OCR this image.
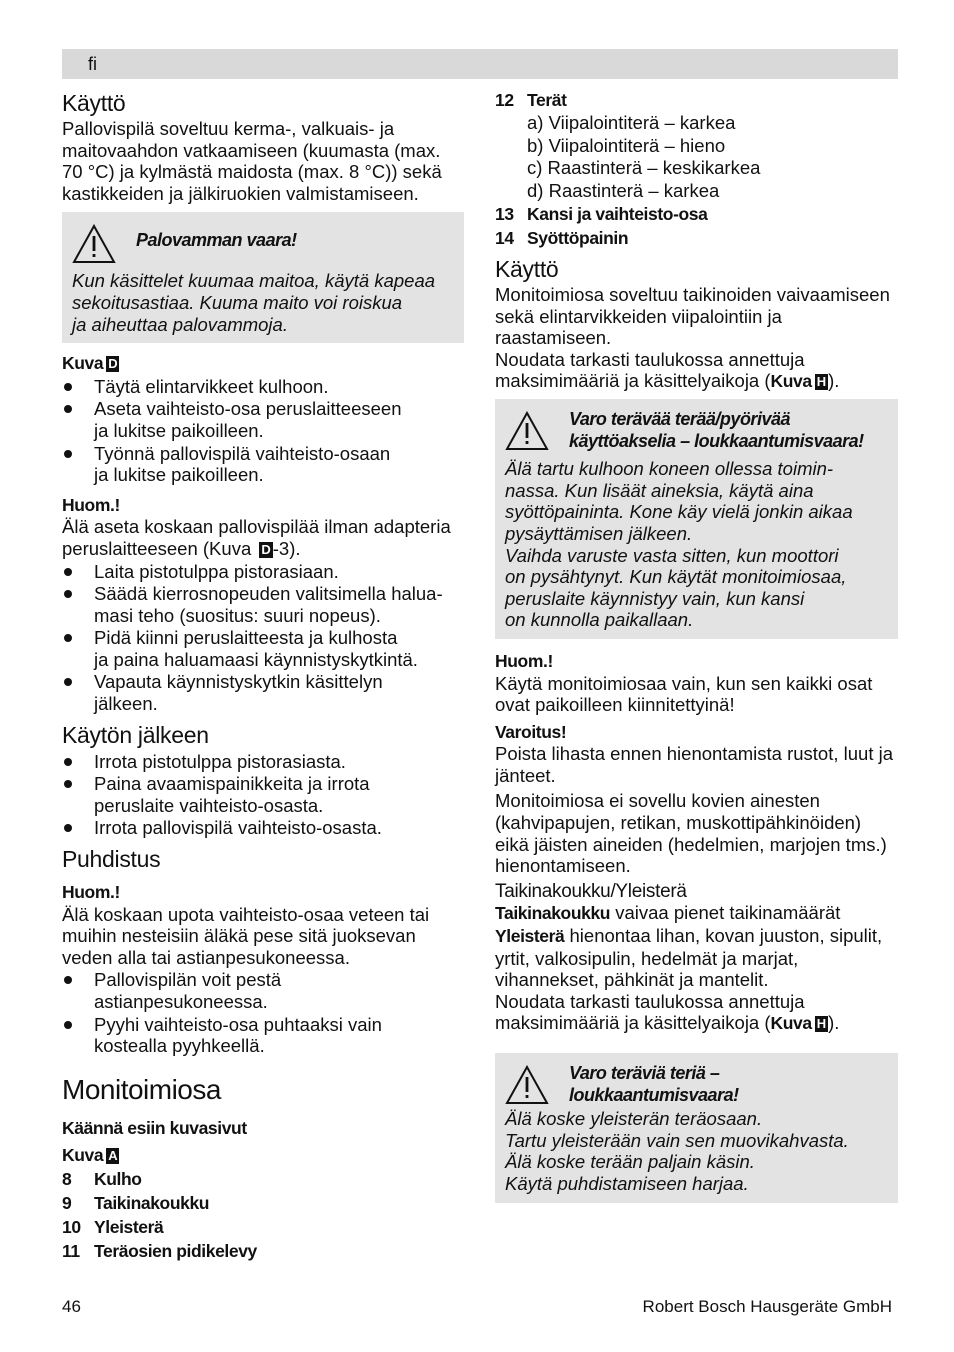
fi
Käyttö

Pallovispilä soveltuu kerma-, valkuais- ja maitovaahdon vatkaamiseen (kuumasta (max. 70 °C) ja kylmästä maidosta (max. 8 °C)) sekä kastikkeiden ja jälkiruokien valmistamiseen.

Palovamman vaara!
Kun käsittelet kuumaa maitoa, käytä kapeaa
sekoitusastiaa. Kuuma maito voi roiskua
ja aiheuttaa palovammoja.

Kuva D

Täytä elintarvikkeet kulhoon.
Aseta vaihteisto-osa peruslaitteeseen
ja lukitse paikoilleen.
Työnnä pallovispilä vaihteisto-osaan
ja lukitse paikoilleen.

Huom.!

Älä aseta koskaan pallovispilää ilman adapteria peruslaitteeseen (Kuva D -3).

Laita pistotulppa pistorasiaan.
Säädä kierrosnopeuden valitsimella halua-
masi teho (suositus: suuri nopeus).
Pidä kiinni peruslaitteesta ja kulhosta
ja paina haluamaasi käynnistyskytkintä.
Vapauta käynnistyskytkin käsittelyn
jälkeen.
Käytön jälkeen
Irrota pistotulppa pistorasiasta.
Paina avaamispainikkeita ja irrota
peruslaite vaihteisto-osasta.
Irrota pallovispilä vaihteisto-osasta.
Puhdistus

Huom.!

Älä koskaan upota vaihteisto-osaa veteen tai muihin nesteisiin äläkä pese sitä juoksevan veden alla tai astianpesukoneessa.

Pallovispilän voit pestä
astianpesukoneessa.
Pyyhi vaihteisto-osa puhtaaksi vain
kostealla pyyhkeellä.
Monitoimiosa

Käännä esiin kuvasivut

Kuva A

8	Kulho
9	Taikinakoukku
10 Yleisterä
11 Teräosien pidikelevy
12 Terät
a) Viipalointiterä – karkea
b) Viipalointiterä – hieno
c) Raastinterä – keskikarkea
d) Raastinterä – karkea
13 Kansi ja vaihteisto-osa
14 Syöttöpainin
Käyttö

Monitoimiosa soveltuu taikinoiden vaivaamiseen sekä elintarvikkeiden viipalointiin ja raastamiseen.

Noudata tarkasti taulukossa annettuja maksimimääriä ja käsittelyaikoja (Kuva H ).

Varo terävää terää/pyörivää
käyttöakselia – loukkaantumisvaara!
Älä tartu kulhoon koneen ollessa toimin-
nassa. Kun lisäät aineksia, käytä aina
syöttöpaininta. Kone käy vielä jonkin aikaa
pysäyttämisen jälkeen.
Vaihda varuste vasta sitten, kun moottori
on pysähtynyt. Kun käytät monitoimiosaa,
peruslaite käynnistyy vain, kun kansi
on kunnolla paikallaan.

Huom.!

Käytä monitoimiosaa vain, kun sen kaikki osat ovat paikoilleen kiinnitettyinä!

Varoitus!

Poista lihasta ennen hienontamista rustot, luut ja jänteet.

Monitoimiosa ei sovellu kovien ainesten (kahvipapujen, retikan, muskottipähkinöiden) eikä jäisten aineiden (hedelmien, marjojen tms.) hienontamiseen.

Taikinakoukku/Yleisterä

Taikinakoukku vaivaa pienet taikinamäärät

Yleisterä hienontaa lihan, kovan juuston, sipulit, yrtit, valkosipulin, hedelmät ja marjat, vihannekset, pähkinät ja mantelit.

Noudata tarkasti taulukossa annettuja maksimimääriä ja käsittelyaikoja (Kuva H ).

Varo teräviä teriä –
loukkaantumisvaara!
Älä koske yleisterän teräosaan.
Tartu yleisterään vain sen muovikahvasta.
Älä koske terään paljain käsin.
Käytä puhdistamiseen harjaa.
46	Robert Bosch Hausgeräte GmbH
